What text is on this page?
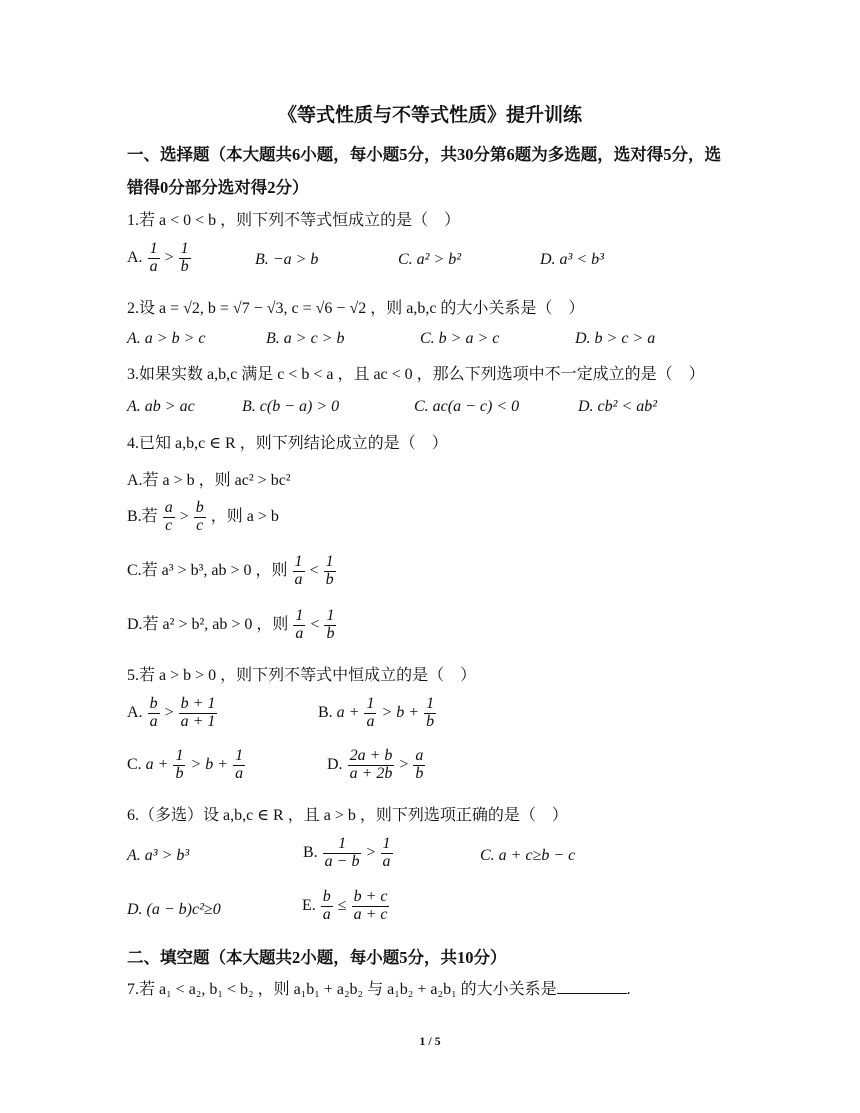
《等式性质与不等式性质》提升训练
一、选择题（本大题共6小题，每小题5分，共30分第6题为多选题，选对得5分，选
错得0分部分选对得2分）
1.若 a < 0 < b ，则下列不等式恒成立的是（　）
A. $\frac{1}{a} > \frac{1}{b}$	B. −a > b	C. a² > b²	D. a³ < b³
2.设 a = √2, b = √7 − √3, c = √6 − √2 ，则 a,b,c 的大小关系是（　）
A. a > b > c	B. a > c > b	C. b > a > c	D. b > c > a
3.如果实数 a,b,c 满足 c < b < a ，且 ac < 0 ，那么下列选项中不一定成立的是（　）
A. ab > ac	B. c(b − a) > 0	C. ac(a − c) < 0	D. cb² < ab²
4.已知 a,b,c ∈ R ，则下列结论成立的是（　）
A.若 a > b ，则 ac² > bc²
B.若 $\frac{a}{c} > \frac{b}{c}$ ，则 a > b
C.若 a³ > b³, ab > 0 ，则 $\frac{1}{a} < \frac{1}{b}$
D.若 a² > b², ab > 0 ，则 $\frac{1}{a} < \frac{1}{b}$
5.若 a > b > 0 ，则下列不等式中恒成立的是（　）
A. $\frac{b}{a} > \frac{b + 1}{a + 1}$	B. $a + \frac{1}{a} > b + \frac{1}{b}$
C. $a + \frac{1}{b} > b + \frac{1}{a}$	D. $\frac{2a + b}{a + 2b} > \frac{a}{b}$
6.（多选）设 a,b,c ∈ R ，且 a > b ，则下列选项正确的是（　）
A. a³ > b³	B. $\frac{1}{a - b} > \frac{1}{a}$	C. a + c≥b − c
D. (a − b)c²≥0	E. $\frac{b}{a} \le \frac{b + c}{a + c}$
二、填空题（本大题共2小题，每小题5分，共10分）
7.若 a₁ < a₂, b₁ < b₂ ，则 a₁b₁ + a₂b₂ 与 a₁b₂ + a₂b₁ 的大小关系是	.
1 / 5
